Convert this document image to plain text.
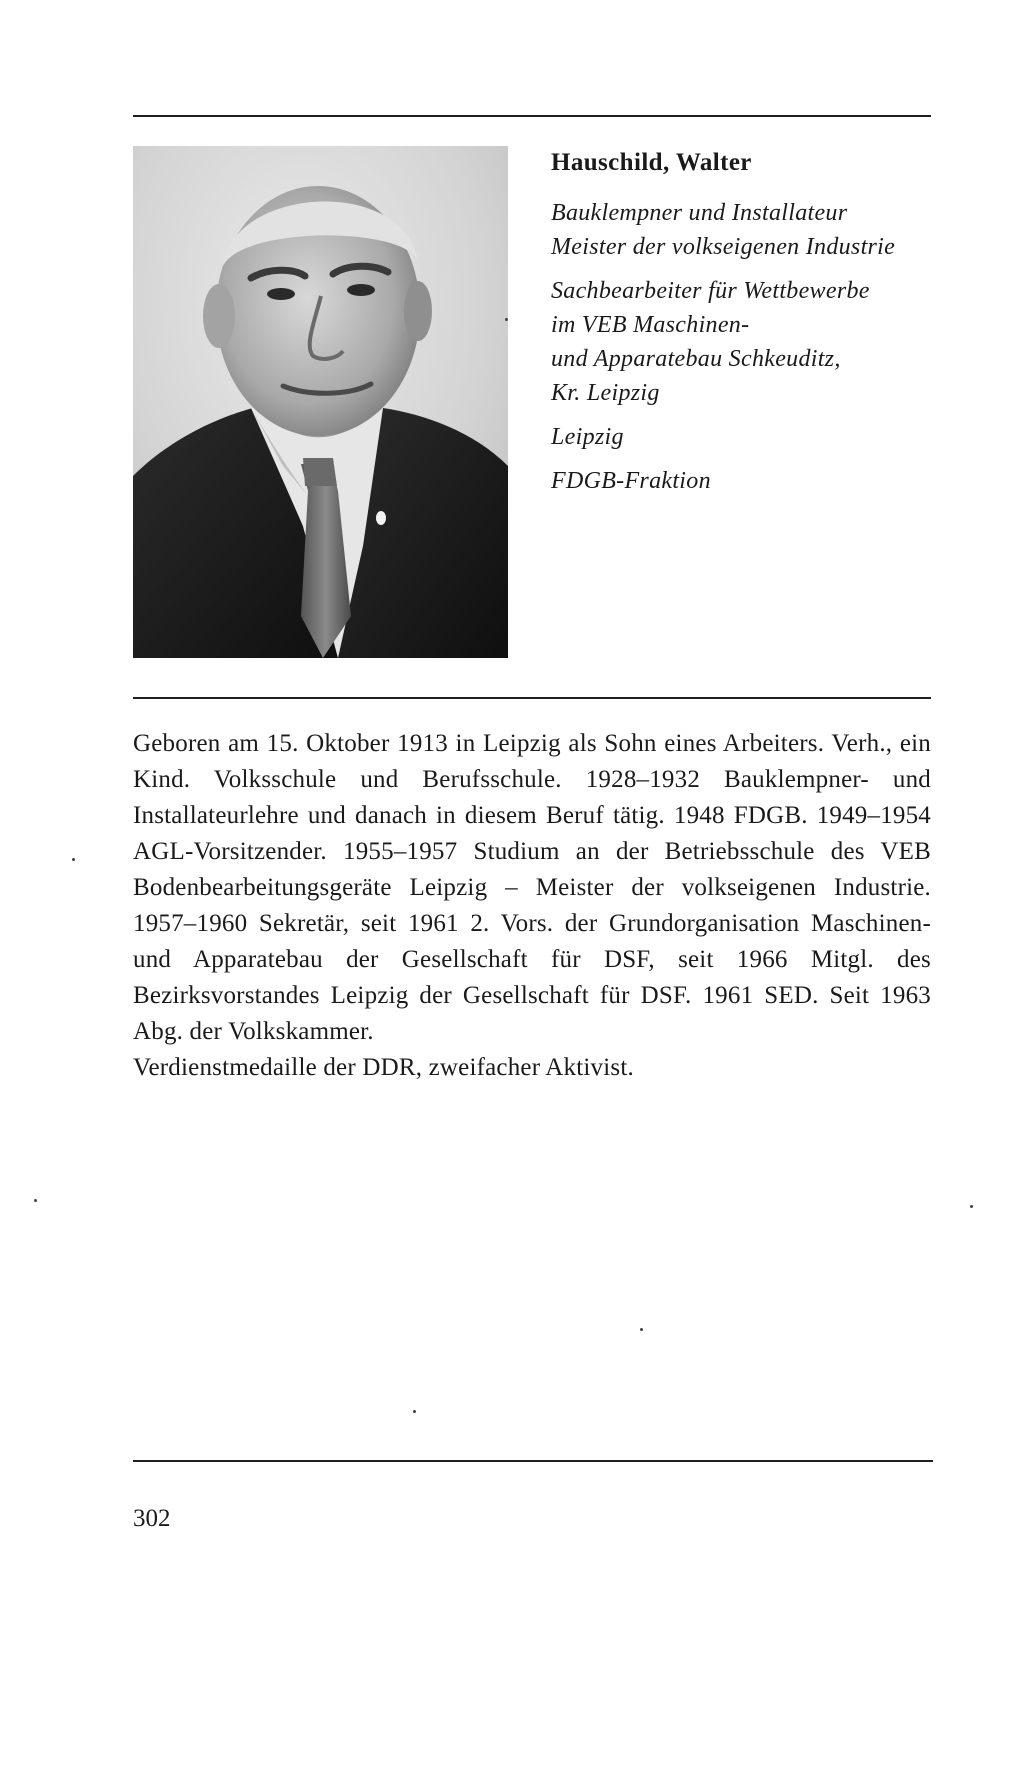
Hauschild, Walter
Bauklempner und Installateur
Meister der volkseigenen Industrie
Sachbearbeiter für Wettbewerbe
im VEB Maschinen-
und Apparatebau Schkeuditz,
Kr. Leipzig
Leipzig
FDGB-Fraktion

Geboren am 15. Oktober 1913 in Leipzig als Sohn eines Arbeiters. Verh., ein Kind. Volksschule und Berufsschule. 1928–1932 Bauklempner- und Installateurlehre und danach in diesem Beruf tätig. 1948 FDGB. 1949–1954 AGL-Vorsitzender. 1955–1957 Studium an der Betriebsschule des VEB Bodenbearbeitungsgeräte Leipzig – Meister der volkseigenen Industrie. 1957–1960 Sekretär, seit 1961 2. Vors. der Grundorganisation Maschinen- und Apparatebau der Gesellschaft für DSF, seit 1966 Mitgl. des Bezirksvorstandes Leipzig der Gesellschaft für DSF. 1961 SED. Seit 1963 Abg. der Volkskammer.

Verdienstmedaille der DDR, zweifacher Aktivist.

302
